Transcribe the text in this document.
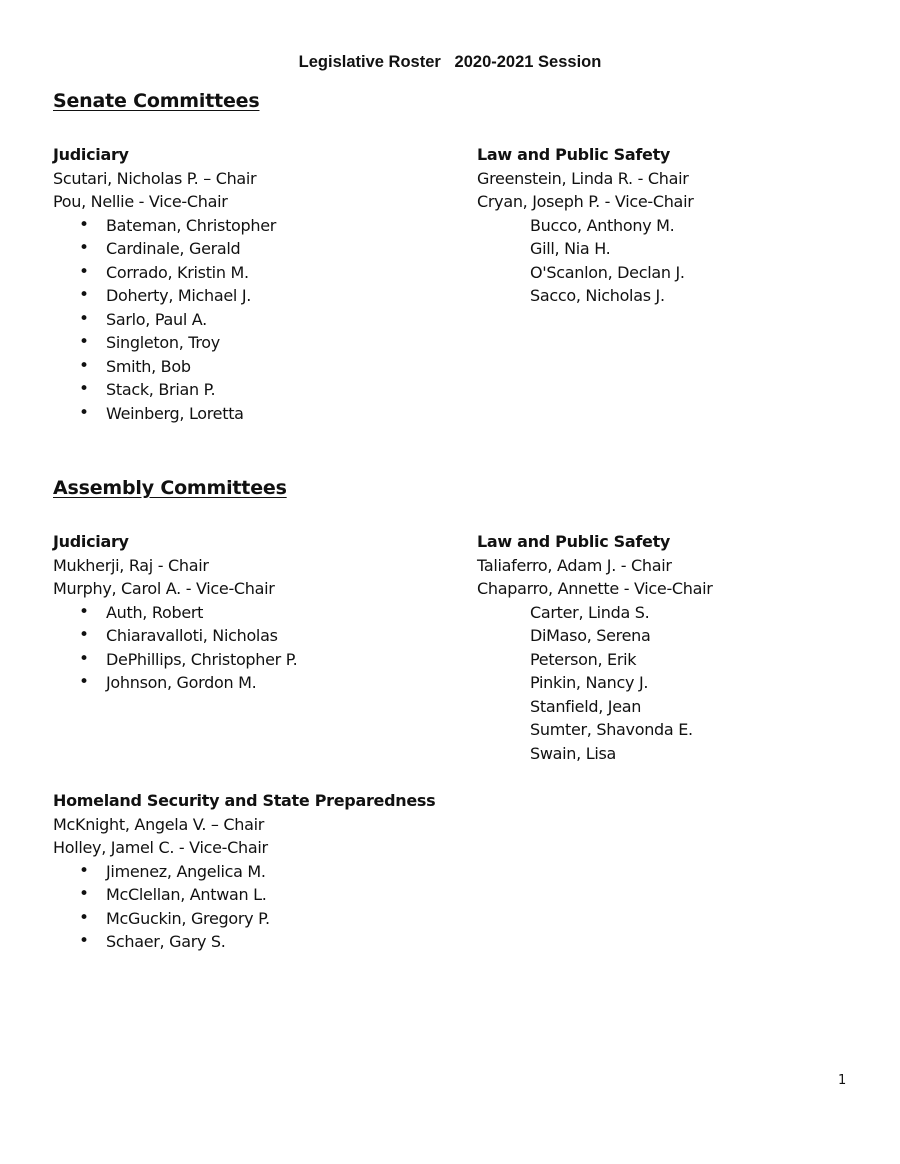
Legislative Roster   2020-2021 Session
Senate Committees
Judiciary
Scutari, Nicholas P. – Chair
Pou, Nellie - Vice-Chair
• Bateman, Christopher
• Cardinale, Gerald
• Corrado, Kristin M.
• Doherty, Michael J.
• Sarlo, Paul A.
• Singleton, Troy
• Smith, Bob
• Stack, Brian P.
• Weinberg, Loretta
Law and Public Safety
Greenstein, Linda R. - Chair
Cryan, Joseph P. - Vice-Chair
Bucco, Anthony M.
Gill, Nia H.
O'Scanlon, Declan J.
Sacco, Nicholas J.
Assembly Committees
Judiciary
Mukherji, Raj - Chair
Murphy, Carol A. - Vice-Chair
• Auth, Robert
• Chiaravalloti, Nicholas
• DePhillips, Christopher P.
• Johnson, Gordon M.
Law and Public Safety
Taliaferro, Adam J. - Chair
Chaparro, Annette - Vice-Chair
Carter, Linda S.
DiMaso, Serena
Peterson, Erik
Pinkin, Nancy J.
Stanfield, Jean
Sumter, Shavonda E.
Swain, Lisa
Homeland Security and State Preparedness
McKnight, Angela V. – Chair
Holley, Jamel C. - Vice-Chair
• Jimenez, Angelica M.
• McClellan, Antwan L.
• McGuckin, Gregory P.
• Schaer, Gary S.
1
